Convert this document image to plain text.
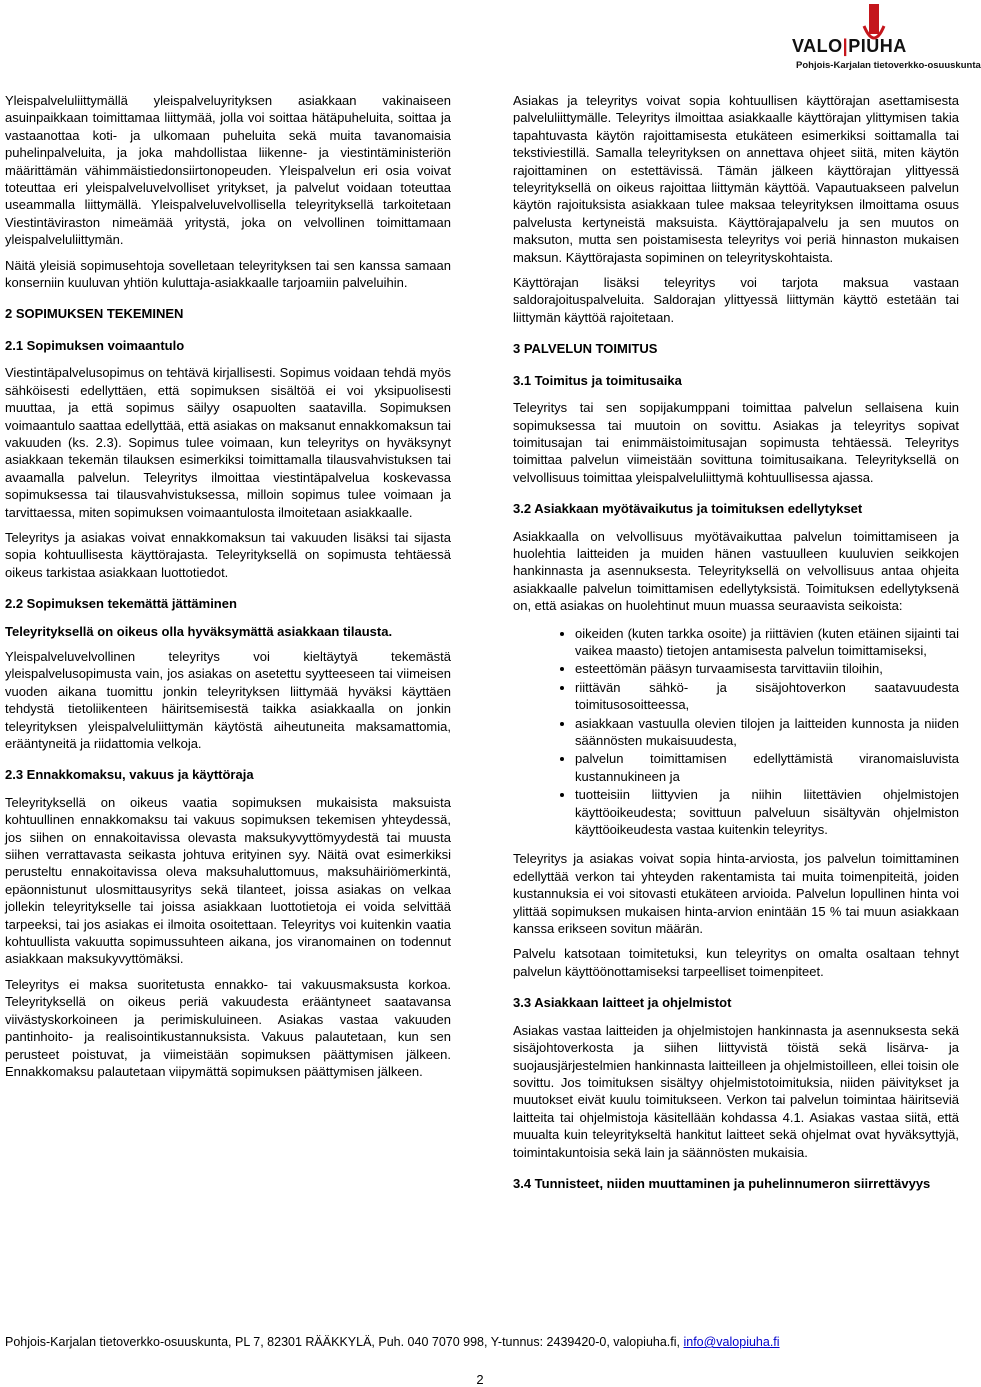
VALO|PIUHA
Pohjois-Karjalan tietoverkko-osuuskunta

Yleispalveluliittymällä yleispalveluyrityksen asiakkaan vakinaiseen asuinpaikkaan toimittamaa liittymää, jolla voi soittaa hätäpuheluita, soittaa ja vastaanottaa koti- ja ulkomaan puheluita sekä muita tavanomaisia puhelinpalveluita, ja joka mahdollistaa liikenne- ja viestintäministeriön määrittämän vähimmäistiedonsiirtonopeuden. Yleispalvelun eri osia voivat toteuttaa eri yleispalveluvelvolliset yritykset, ja palvelut voidaan toteuttaa useammalla liittymällä. Yleispalveluvelvollisella teleyrityksellä tarkoitetaan Viestintäviraston nimeämää yritystä, joka on velvollinen toimittamaan yleispalveluliittymän.

Näitä yleisiä sopimusehtoja sovelletaan teleyrityksen tai sen kanssa samaan konserniin kuuluvan yhtiön kuluttaja-asiakkaalle tarjoamiin palveluihin.

2 SOPIMUKSEN TEKEMINEN

2.1 Sopimuksen voimaantulo

Viestintäpalvelusopimus on tehtävä kirjallisesti. Sopimus voidaan tehdä myös sähköisesti edellyttäen, että sopimuksen sisältöä ei voi yksipuolisesti muuttaa, ja että sopimus säilyy osapuolten saatavilla. Sopimuksen voimaantulo saattaa edellyttää, että asiakas on maksanut ennakkomaksun tai vakuuden (ks. 2.3). Sopimus tulee voimaan, kun teleyritys on hyväksynyt asiakkaan tekemän tilauksen esimerkiksi toimittamalla tilausvahvistuksen tai avaamalla palvelun. Teleyritys ilmoittaa viestintäpalvelua koskevassa sopimuksessa tai tilausvahvistuksessa, milloin sopimus tulee voimaan ja tarvittaessa, miten sopimuksen voimaantulosta ilmoitetaan asiakkaalle.

Teleyritys ja asiakas voivat ennakkomaksun tai vakuuden lisäksi tai sijasta sopia kohtuullisesta käyttörajasta. Teleyrityksellä on sopimusta tehtäessä oikeus tarkistaa asiakkaan luottotiedot.

2.2 Sopimuksen tekemättä jättäminen

Teleyrityksellä on oikeus olla hyväksymättä asiakkaan tilausta.

Yleispalveluvelvollinen teleyritys voi kieltäytyä tekemästä yleispalvelusopimusta vain, jos asiakas on asetettu syytteeseen tai viimeisen vuoden aikana tuomittu jonkin teleyrityksen liittymää hyväksi käyttäen tehdystä tietoliikenteen häiritsemisestä taikka asiakkaalla on jonkin teleyrityksen yleispalveluliittymän käytöstä aiheutuneita maksamattomia, erääntyneitä ja riidattomia velkoja.

2.3 Ennakkomaksu, vakuus ja käyttöraja

Teleyrityksellä on oikeus vaatia sopimuksen mukaisista maksuista kohtuullinen ennakkomaksu tai vakuus sopimuksen tekemisen yhteydessä, jos siihen on ennakoitavissa olevasta maksukyvyttömyydestä tai muusta siihen verrattavasta seikasta johtuva erityinen syy. Näitä ovat esimerkiksi perusteltu ennakoitavissa oleva maksuhaluttomuus, maksuhäiriömerkintä, epäonnistunut ulosmittausyritys sekä tilanteet, joissa asiakas on velkaa jollekin teleyritykselle tai joissa asiakkaan luottotietoja ei voida selvittää tarpeeksi, tai jos asiakas ei ilmoita osoitettaan. Teleyritys voi kuitenkin vaatia kohtuullista vakuutta sopimussuhteen aikana, jos viranomainen on todennut asiakkaan maksukyvyttömäksi.

Teleyritys ei maksa suoritetusta ennakko- tai vakuusmaksusta korkoa. Teleyrityksellä on oikeus periä vakuudesta erääntyneet saatavansa viivästyskorkoineen ja perimiskuluineen. Asiakas vastaa vakuuden pantinhoito- ja realisointikustannuksista. Vakuus palautetaan, kun sen perusteet poistuvat, ja viimeistään sopimuksen päättymisen jälkeen. Ennakkomaksu palautetaan viipymättä sopimuksen päättymisen jälkeen.

Asiakas ja teleyritys voivat sopia kohtuullisen käyttörajan asettamisesta palveluliittymälle. Teleyritys ilmoittaa asiakkaalle käyttörajan ylittymisen takia tapahtuvasta käytön rajoittamisesta etukäteen esimerkiksi soittamalla tai tekstiviestillä. Samalla teleyrityksen on annettava ohjeet siitä, miten käytön rajoittaminen on estettävissä. Tämän jälkeen käyttörajan ylittyessä teleyrityksellä on oikeus rajoittaa liittymän käyttöä. Vapautuakseen palvelun käytön rajoituksista asiakkaan tulee maksaa teleyrityksen ilmoittama osuus palvelusta kertyneistä maksuista. Käyttörajapalvelu ja sen muutos on maksuton, mutta sen poistamisesta teleyritys voi periä hinnaston mukaisen maksun. Käyttörajasta sopiminen on teleyrityskohtaista.

Käyttörajan lisäksi teleyritys voi tarjota maksua vastaan saldorajoituspalveluita. Saldorajan ylittyessä liittymän käyttö estetään tai liittymän käyttöä rajoitetaan.

3 PALVELUN TOIMITUS

3.1 Toimitus ja toimitusaika

Teleyritys tai sen sopijakumppani toimittaa palvelun sellaisena kuin sopimuksessa tai muutoin on sovittu. Asiakas ja teleyritys sopivat toimitusajan tai enimmäistoimitusajan sopimusta tehtäessä. Teleyritys toimittaa palvelun viimeistään sovittuna toimitusaikana. Teleyrityksellä on velvollisuus toimittaa yleispalveluliittymä kohtuullisessa ajassa.

3.2 Asiakkaan myötävaikutus ja toimituksen edellytykset

Asiakkaalla on velvollisuus myötävaikuttaa palvelun toimittamiseen ja huolehtia laitteiden ja muiden hänen vastuulleen kuuluvien seikkojen hankinnasta ja asennuksesta. Teleyrityksellä on velvollisuus antaa ohjeita asiakkaalle palvelun toimittamisen edellytyksistä. Toimituksen edellytyksenä on, että asiakas on huolehtinut muun muassa seuraavista seikoista:

• oikeiden (kuten tarkka osoite) ja riittävien (kuten etäinen sijainti tai vaikea maasto) tietojen antamisesta palvelun toimittamiseksi,
• esteettömän pääsyn turvaamisesta tarvittaviin tiloihin,
• riittävän sähkö- ja sisäjohtoverkon saatavuudesta toimitusosoitteessa,
• asiakkaan vastuulla olevien tilojen ja laitteiden kunnosta ja niiden säännösten mukaisuudesta,
• palvelun toimittamisen edellyttämistä viranomaisluvista kustannukineen ja
• tuotteisiin liittyvien ja niihin liitettävien ohjelmistojen käyttöoikeudesta; sovittuun palveluun sisältyvän ohjelmiston käyttöoikeudesta vastaa kuitenkin teleyritys.

Teleyritys ja asiakas voivat sopia hinta-arviosta, jos palvelun toimittaminen edellyttää verkon tai yhteyden rakentamista tai muita toimenpiteitä, joiden kustannuksia ei voi sitovasti etukäteen arvioida. Palvelun lopullinen hinta voi ylittää sopimuksen mukaisen hinta-arvion enintään 15 % tai muun asiakkaan kanssa erikseen sovitun määrän.

Palvelu katsotaan toimitetuksi, kun teleyritys on omalta osaltaan tehnyt palvelun käyttöönottamiseksi tarpeelliset toimenpiteet.

3.3 Asiakkaan laitteet ja ohjelmistot

Asiakas vastaa laitteiden ja ohjelmistojen hankinnasta ja asennuksesta sekä sisäjohtoverkosta ja siihen liittyvistä töistä sekä lisärva- ja suojausjärjestelmien hankinnasta laitteilleen ja ohjelmistoilleen, ellei toisin ole sovittu. Jos toimituksen sisältyy ohjelmistotoimituksia, niiden päivitykset ja muutokset eivät kuulu toimitukseen. Verkon tai palvelun toimintaa häiritseviä laitteita tai ohjelmistoja käsitellään kohdassa 4.1. Asiakas vastaa siitä, että muualta kuin teleyritykseltä hankitut laitteet sekä ohjelmat ovat hyväksyttyjä, toimintakuntoisia sekä lain ja säännösten mukaisia.

3.4 Tunnisteet, niiden muuttaminen ja puhelinnumeron siirrettävyys

Pohjois-Karjalan tietoverkko-osuuskunta, PL 7, 82301 RÄÄKKYLÄ, Puh. 040 7070 998, Y-tunnus: 2439420-0, valopiuha.fi, info@valopiuha.fi
2
